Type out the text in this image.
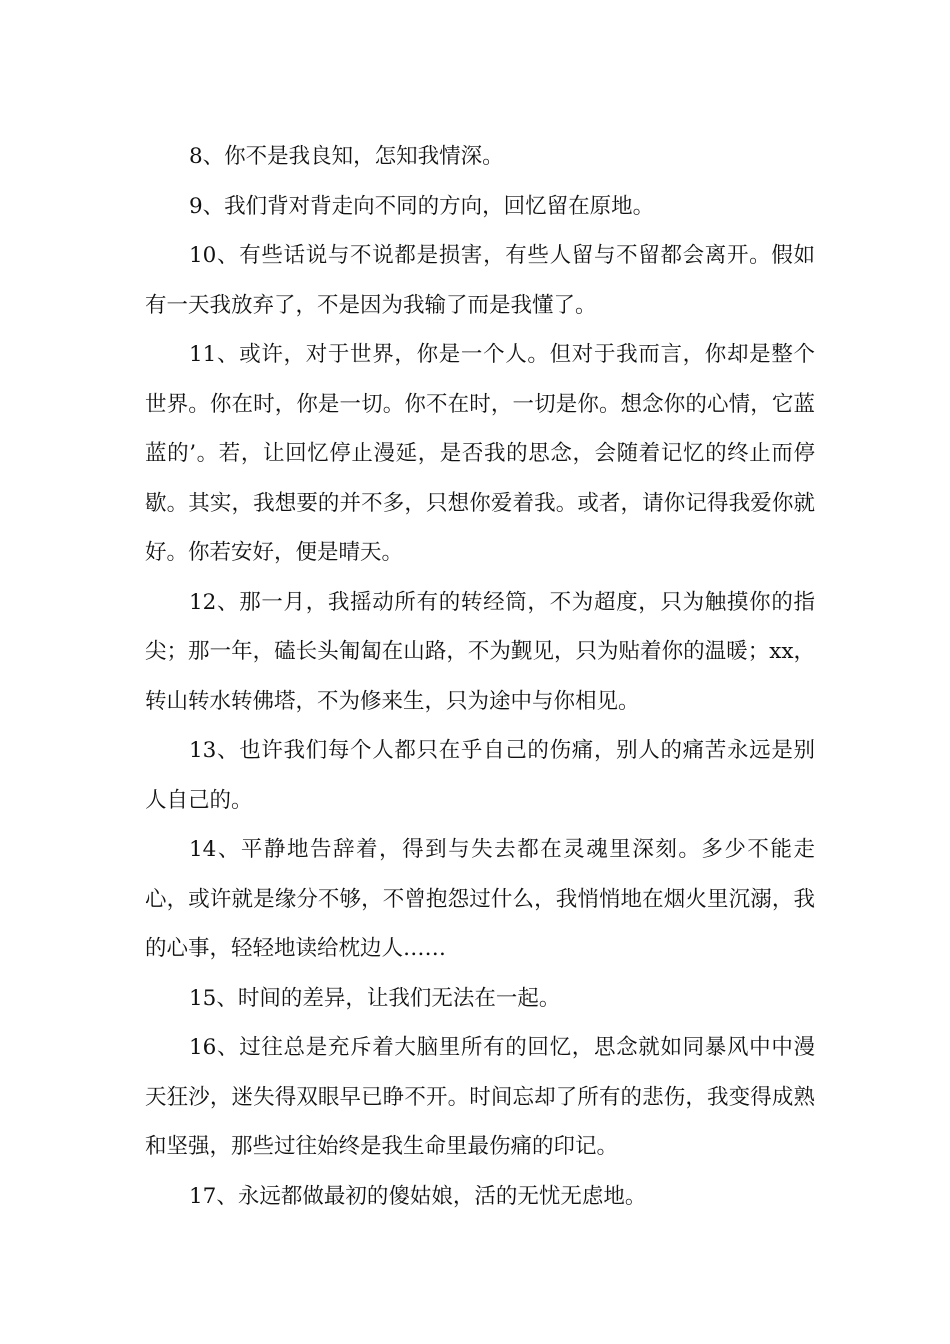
8、你不是我良知，怎知我情深。

9、我们背对背走向不同的方向，回忆留在原地。

10、有些话说与不说都是损害，有些人留与不留都会离开。假如有一天我放弃了，不是因为我输了而是我懂了。

11、或许，对于世界，你是一个人。但对于我而言，你却是整个世界。你在时，你是一切。你不在时，一切是你。想念你的心情，它蓝蓝的’。若，让回忆停止漫延，是否我的思念，会随着记忆的终止而停歇。其实，我想要的并不多，只想你爱着我。或者，请你记得我爱你就好。你若安好，便是晴天。

12、那一月，我摇动所有的转经筒，不为超度，只为触摸你的指尖；那一年，磕长头匍匐在山路，不为觐见，只为贴着你的温暖；xx，转山转水转佛塔，不为修来生，只为途中与你相见。

13、也许我们每个人都只在乎自己的伤痛，别人的痛苦永远是别人自己的。

14、平静地告辞着，得到与失去都在灵魂里深刻。多少不能走心，或许就是缘分不够，不曾抱怨过什么，我悄悄地在烟火里沉溺，我的心事，轻轻地读给枕边人……

15、时间的差异，让我们无法在一起。

16、过往总是充斥着大脑里所有的回忆，思念就如同暴风中中漫天狂沙，迷失得双眼早已睁不开。时间忘却了所有的悲伤，我变得成熟和坚强，那些过往始终是我生命里最伤痛的印记。

17、永远都做最初的傻姑娘，活的无忧无虑地。
